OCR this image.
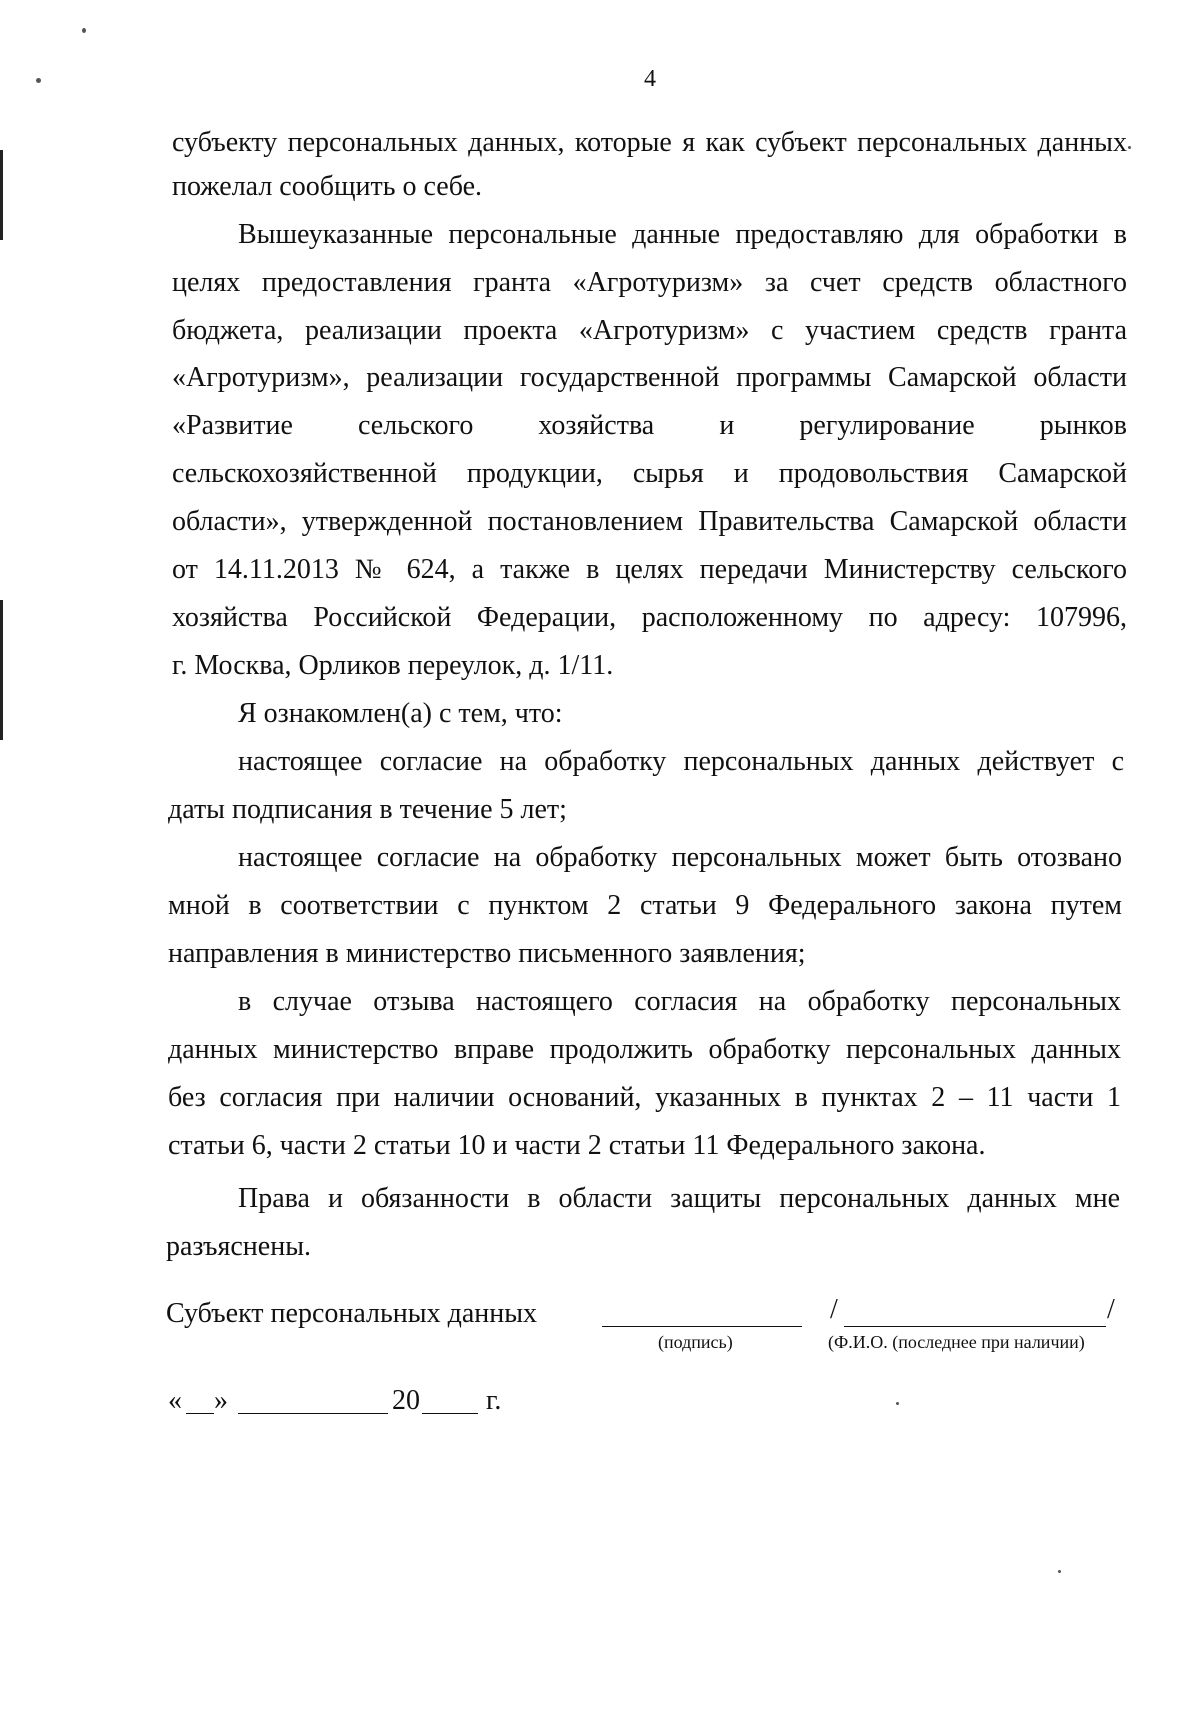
4
субъекту персональных данных, которые я как субъект персональных данных
пожелал сообщить о себе.
Вышеуказанные персональные данные предоставляю для обработки в
целях предоставления гранта «Агротуризм» за счет средств областного
бюджета, реализации проекта «Агротуризм» с участием средств гранта
«Агротуризм», реализации государственной программы Самарской области
«Развитие сельского хозяйства и регулирование рынков
сельскохозяйственной продукции, сырья и продовольствия Самарской
области», утвержденной постановлением Правительства Самарской области
от 14.11.2013 № 624, а также в целях передачи Министерству сельского
хозяйства Российской Федерации, расположенному по адресу: 107996,
г. Москва, Орликов переулок, д. 1/11.
Я ознакомлен(а) с тем, что:
настоящее согласие на обработку персональных данных действует с
даты подписания в течение 5 лет;
настоящее согласие на обработку персональных может быть отозвано
мной в соответствии с пунктом 2 статьи 9 Федерального закона путем
направления в министерство письменного заявления;
в случае отзыва настоящего согласия на обработку персональных
данных министерство вправе продолжить обработку персональных данных
без согласия при наличии оснований, указанных в пунктах 2 – 11 части 1
статьи 6, части 2 статьи 10 и части 2 статьи 11 Федерального закона.
Права и обязанности в области защиты персональных данных мне
разъяснены.
Субъект персональных данных
(подпись)
/	/
(Ф.И.О. (последнее при наличии)
« »	20 г.
